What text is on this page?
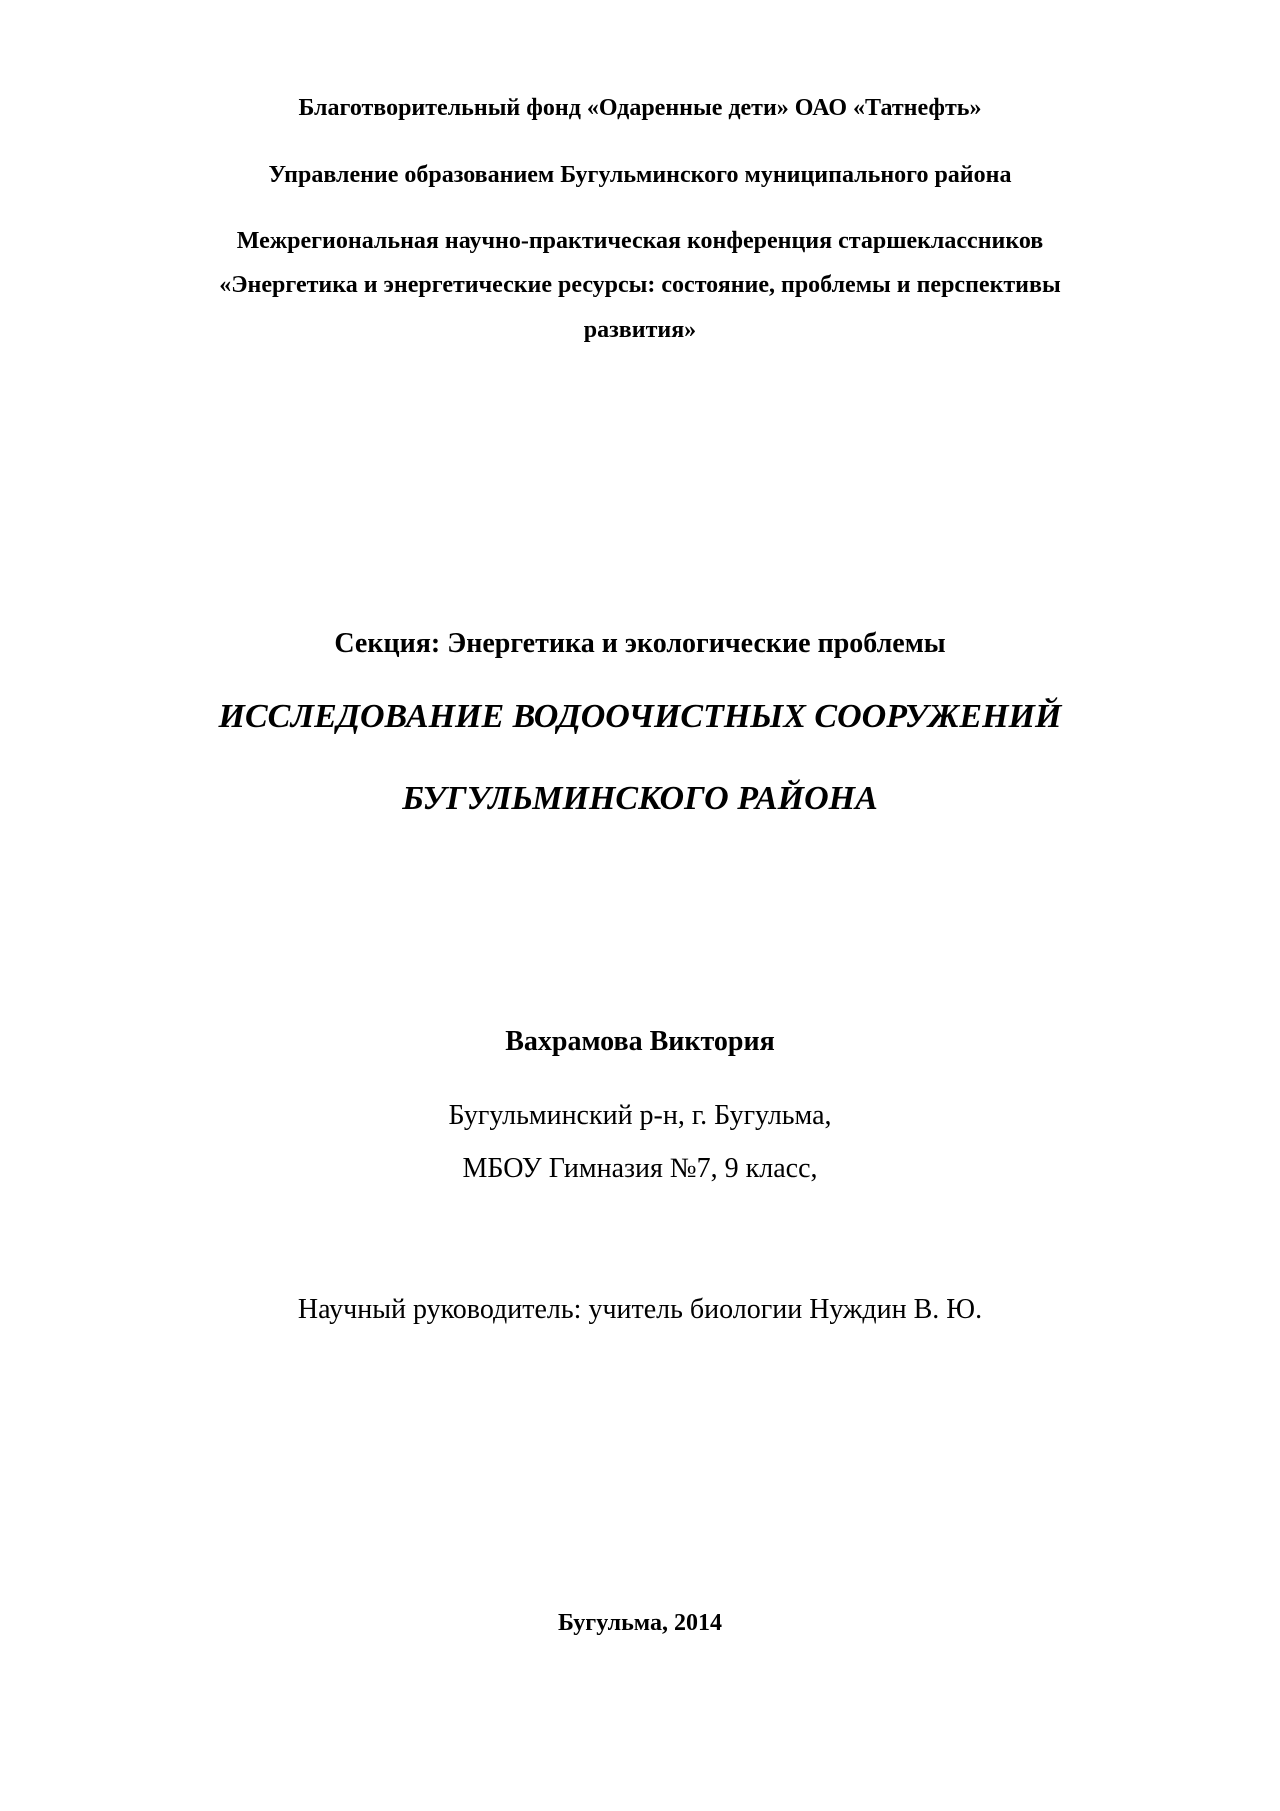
Благотворительный фонд «Одаренные дети» ОАО «Татнефть»
Управление образованием Бугульминского муниципального района
Межрегиональная научно-практическая конференция старшеклассников
«Энергетика и энергетические ресурсы: состояние, проблемы и перспективы
развития»
Секция: Энергетика и экологические проблемы
ИССЛЕДОВАНИЕ ВОДООЧИСТНЫХ СООРУЖЕНИЙ
БУГУЛЬМИНСКОГО РАЙОНА
Вахрамова Виктория
Бугульминский р-н, г. Бугульма,
МБОУ Гимназия №7, 9 класс,
Научный руководитель: учитель биологии Нуждин В. Ю.
Бугульма, 2014
